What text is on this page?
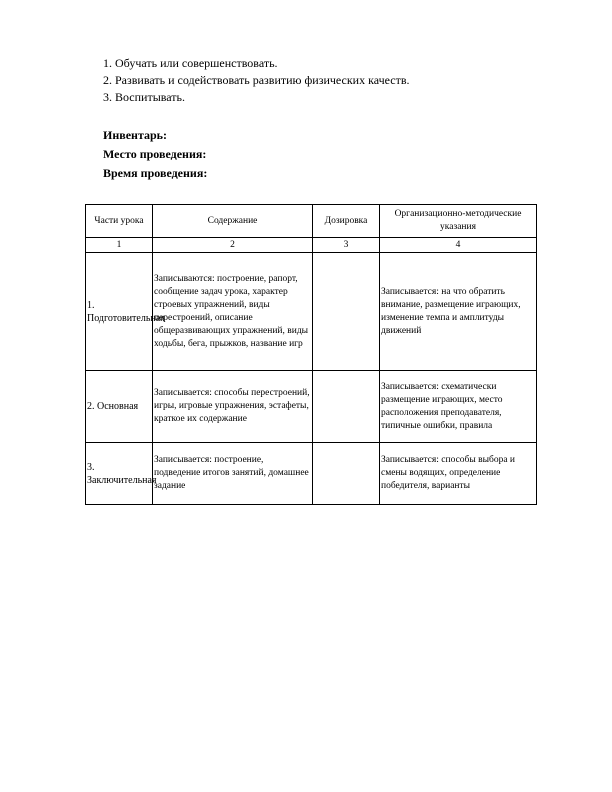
1. Обучать или совершенствовать.
2. Развивать и содействовать развитию физических качеств.
3. Воспитывать.
Инвентарь:
Место проведения:
Время проведения:
Части урока	Содержание	Дозировка	Организационно-методические указания
1	2	3	4
1. Подготовительная	Записываются: построение, рапорт, сообщение задач урока, характер строевых упражнений, виды перестроений, описание общеразвивающих упражнений, виды ходьбы, бега, прыжков, название игр		Записывается: на что обратить внимание, размещение играющих, изменение темпа и амплитуды движений
2. Основная	Записывается: способы перестроений, игры, игровые упражнения, эстафеты, краткое их содержание		Записывается: схематически размещение играющих, место расположения преподавателя, типичные ошибки, правила
3. Заключительная	Записывается: построение, подведение итогов занятий, домашнее задание		Записывается: способы выбора и смены водящих, определение победителя, варианты
